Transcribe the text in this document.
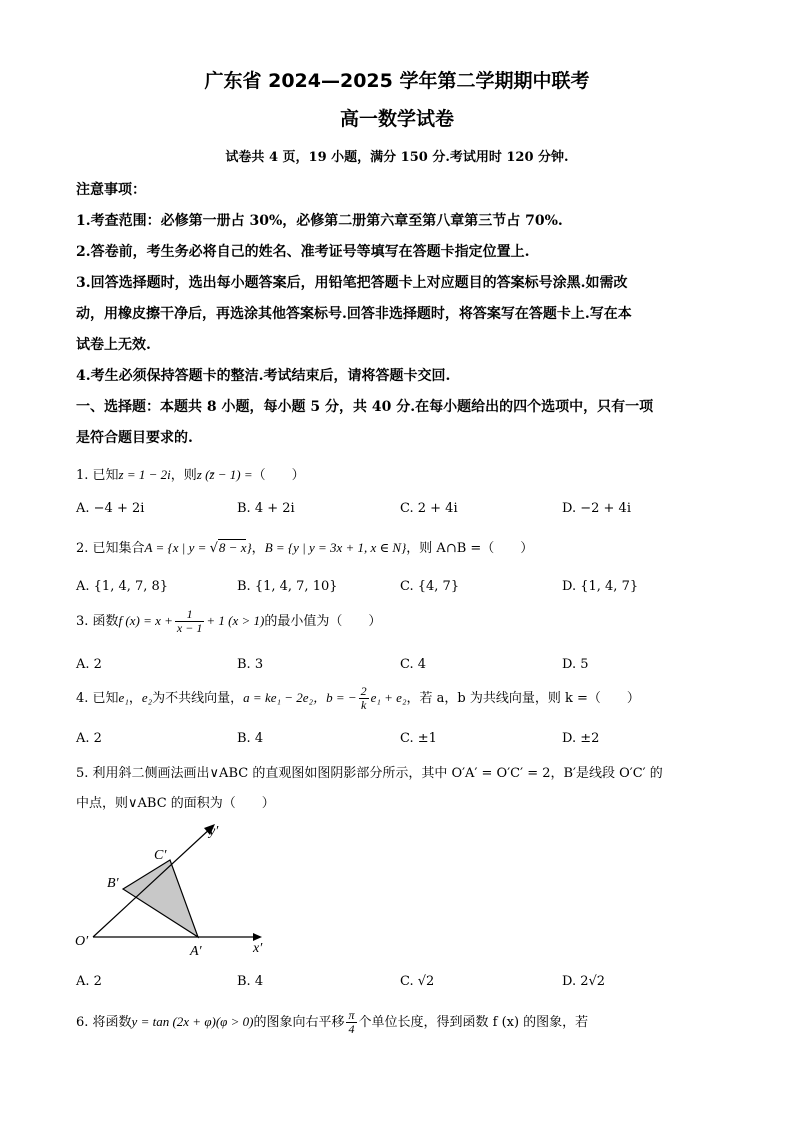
广东省 2024—2025 学年第二学期期中联考
高一数学试卷
试卷共 4 页，19 小题，满分 150 分.考试用时 120 分钟.
注意事项：
1.考查范围：必修第一册占 30%，必修第二册第六章至第八章第三节占 70%.
2.答卷前，考生务必将自己的姓名、准考证号等填写在答题卡指定位置上.
3.回答选择题时，选出每小题答案后，用铅笔把答题卡上对应题目的答案标号涂黑.如需改
动，用橡皮擦干净后，再选涂其他答案标号.回答非选择题时，将答案写在答题卡上.写在本
试卷上无效.
4.考生必须保持答题卡的整洁.考试结束后，请将答题卡交回.
一、选择题：本题共 8 小题，每小题 5 分，共 40 分.在每小题给出的四个选项中，只有一项
是符合题目要求的.
1. 已知z = 1 − 2i，则z (z̄ − 1) =（　　）
A. −4 + 2i	B. 4 + 2i	C. 2 + 4i	D. −2 + 4i
2. 已知集合A = {x | y = √8 − x}，B = {y | y = 3x + 1, x ∈ N}，则 A∩B =（　　）
A. {1, 4, 7, 8}	B. {1, 4, 7, 10}	C. {4, 7}	D. {1, 4, 7}
3. 函数f $(x) = x + \frac{1}{x - 1} + 1$ (x > 1)的最小值为（　　）
A. 2	B. 3	C. 4	D. 5
4. 已知e₁，e₂为不共线向量，a = ke₁ − 2e₂，b = − $\frac{2}{k} e_1 + e_2$，若 a，b 为共线向量，则 k =（　　）
A. 2	B. 4	C. ±1	D. ±2
5. 利用斜二侧画法画出∨ABC 的直观图如图阴影部分所示，其中 O′A′ = O′C′ = 2，B′是线段 O′C′ 的
中点，则∨ABC 的面积为（　　）
O′
A′
B′
C′
x′
y′
A. 2	B. 4	C. √2	D. 2√2
6. 将函数y = tan (2x + φ)(φ > 0)的图象向右平移 $\frac{\pi}{4}$ 个单位长度，得到函数 f (x) 的图象，若
